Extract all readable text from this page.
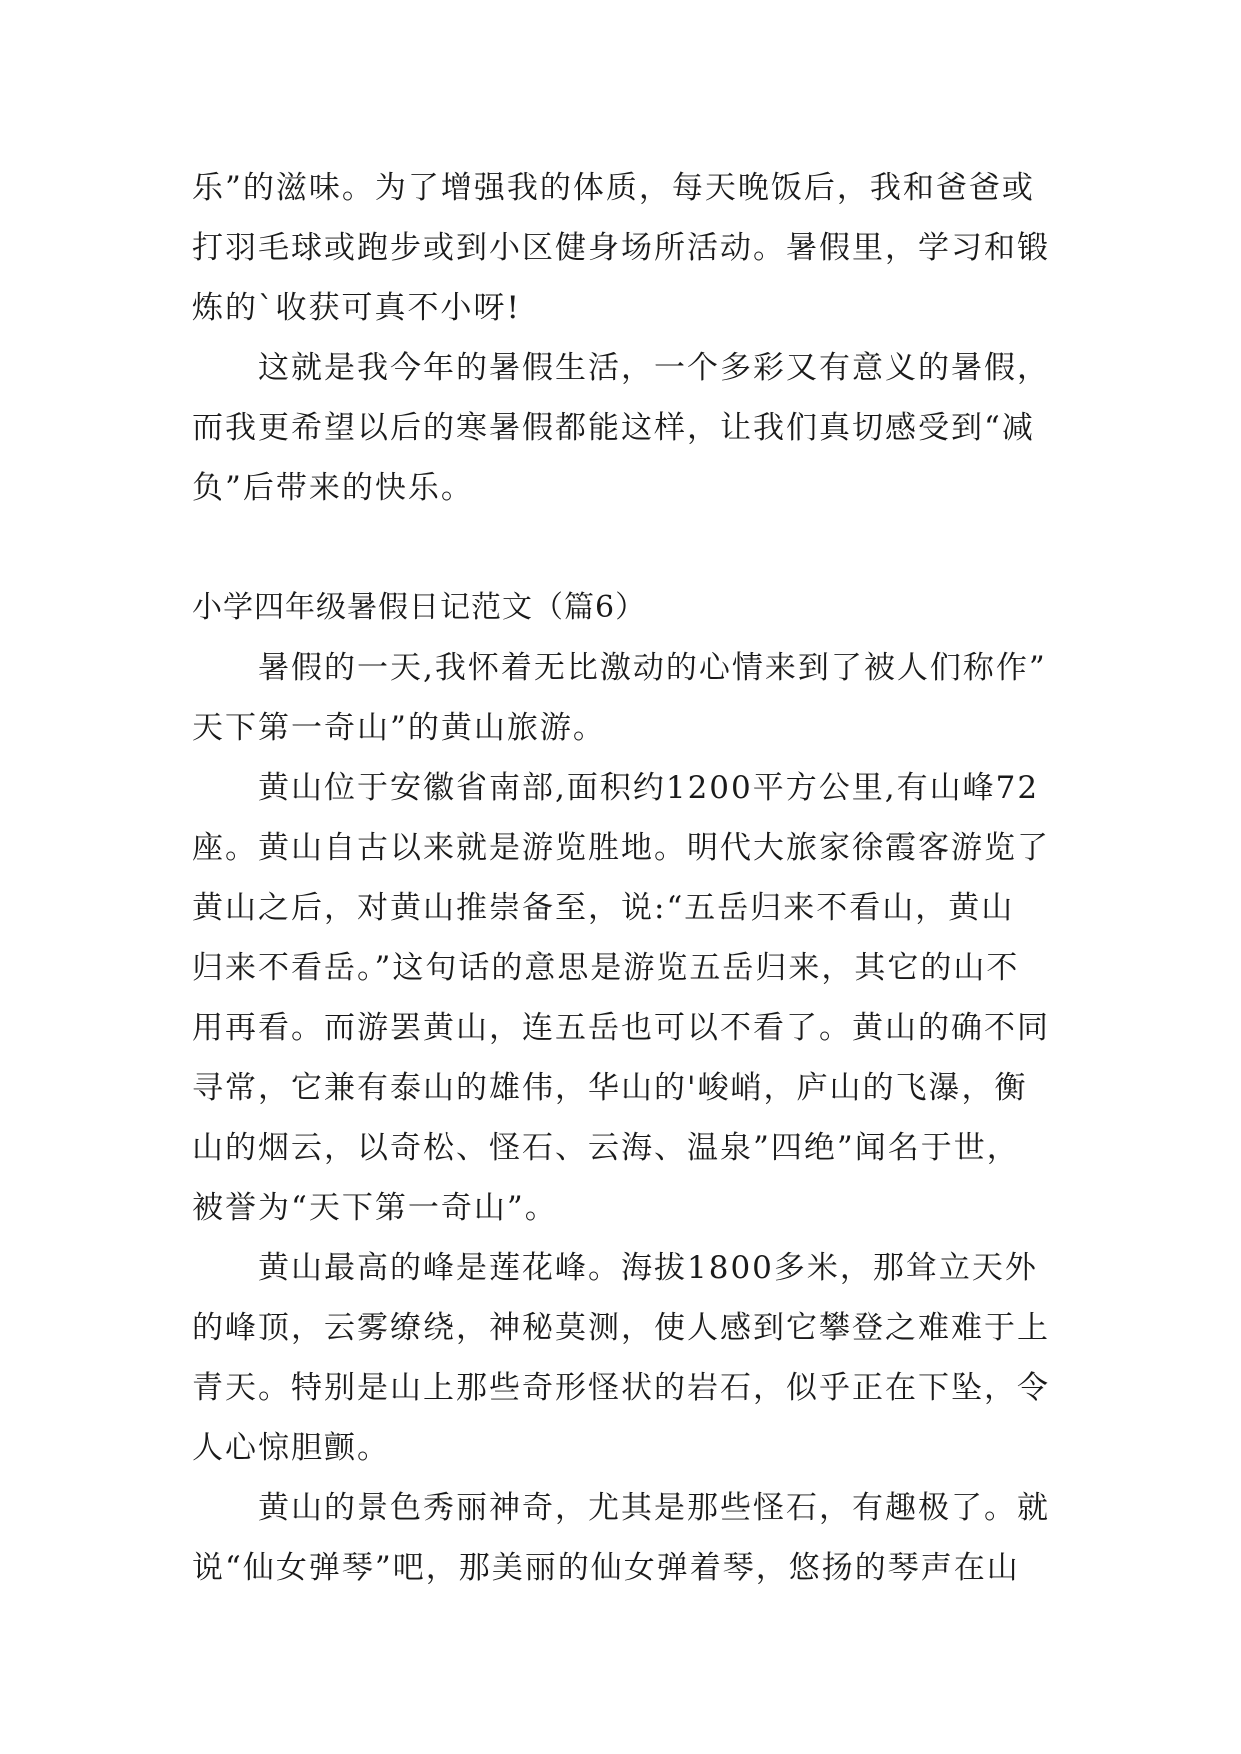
乐”的滋味。为了增强我的体质，每天晚饭后，我和爸爸或
打羽毛球或跑步或到小区健身场所活动。暑假里，学习和锻
炼的`收获可真不小呀!

这就是我今年的暑假生活，一个多彩又有意义的暑假，
而我更希望以后的寒暑假都能这样，让我们真切感受到“减
负”后带来的快乐。

小学四年级暑假日记范文（篇6）

暑假的一天,我怀着无比激动的心情来到了被人们称作”
天下第一奇山”的黄山旅游。

黄山位于安徽省南部,面积约1200平方公里,有山峰72
座。黄山自古以来就是游览胜地。明代大旅家徐霞客游览了
黄山之后，对黄山推崇备至，说:“五岳归来不看山，黄山
归来不看岳。”这句话的意思是游览五岳归来，其它的山不
用再看。而游罢黄山，连五岳也可以不看了。黄山的确不同
寻常，它兼有泰山的雄伟，华山的'峻峭，庐山的飞瀑，衡
山的烟云，以奇松、怪石、云海、温泉”四绝”闻名于世，
被誉为“天下第一奇山”。

黄山最高的峰是莲花峰。海拔1800多米，那耸立天外
的峰顶，云雾缭绕，神秘莫测，使人感到它攀登之难难于上
青天。特别是山上那些奇形怪状的岩石，似乎正在下坠，令
人心惊胆颤。

黄山的景色秀丽神奇，尤其是那些怪石，有趣极了。就
说“仙女弹琴”吧，那美丽的仙女弹着琴，悠扬的琴声在山
